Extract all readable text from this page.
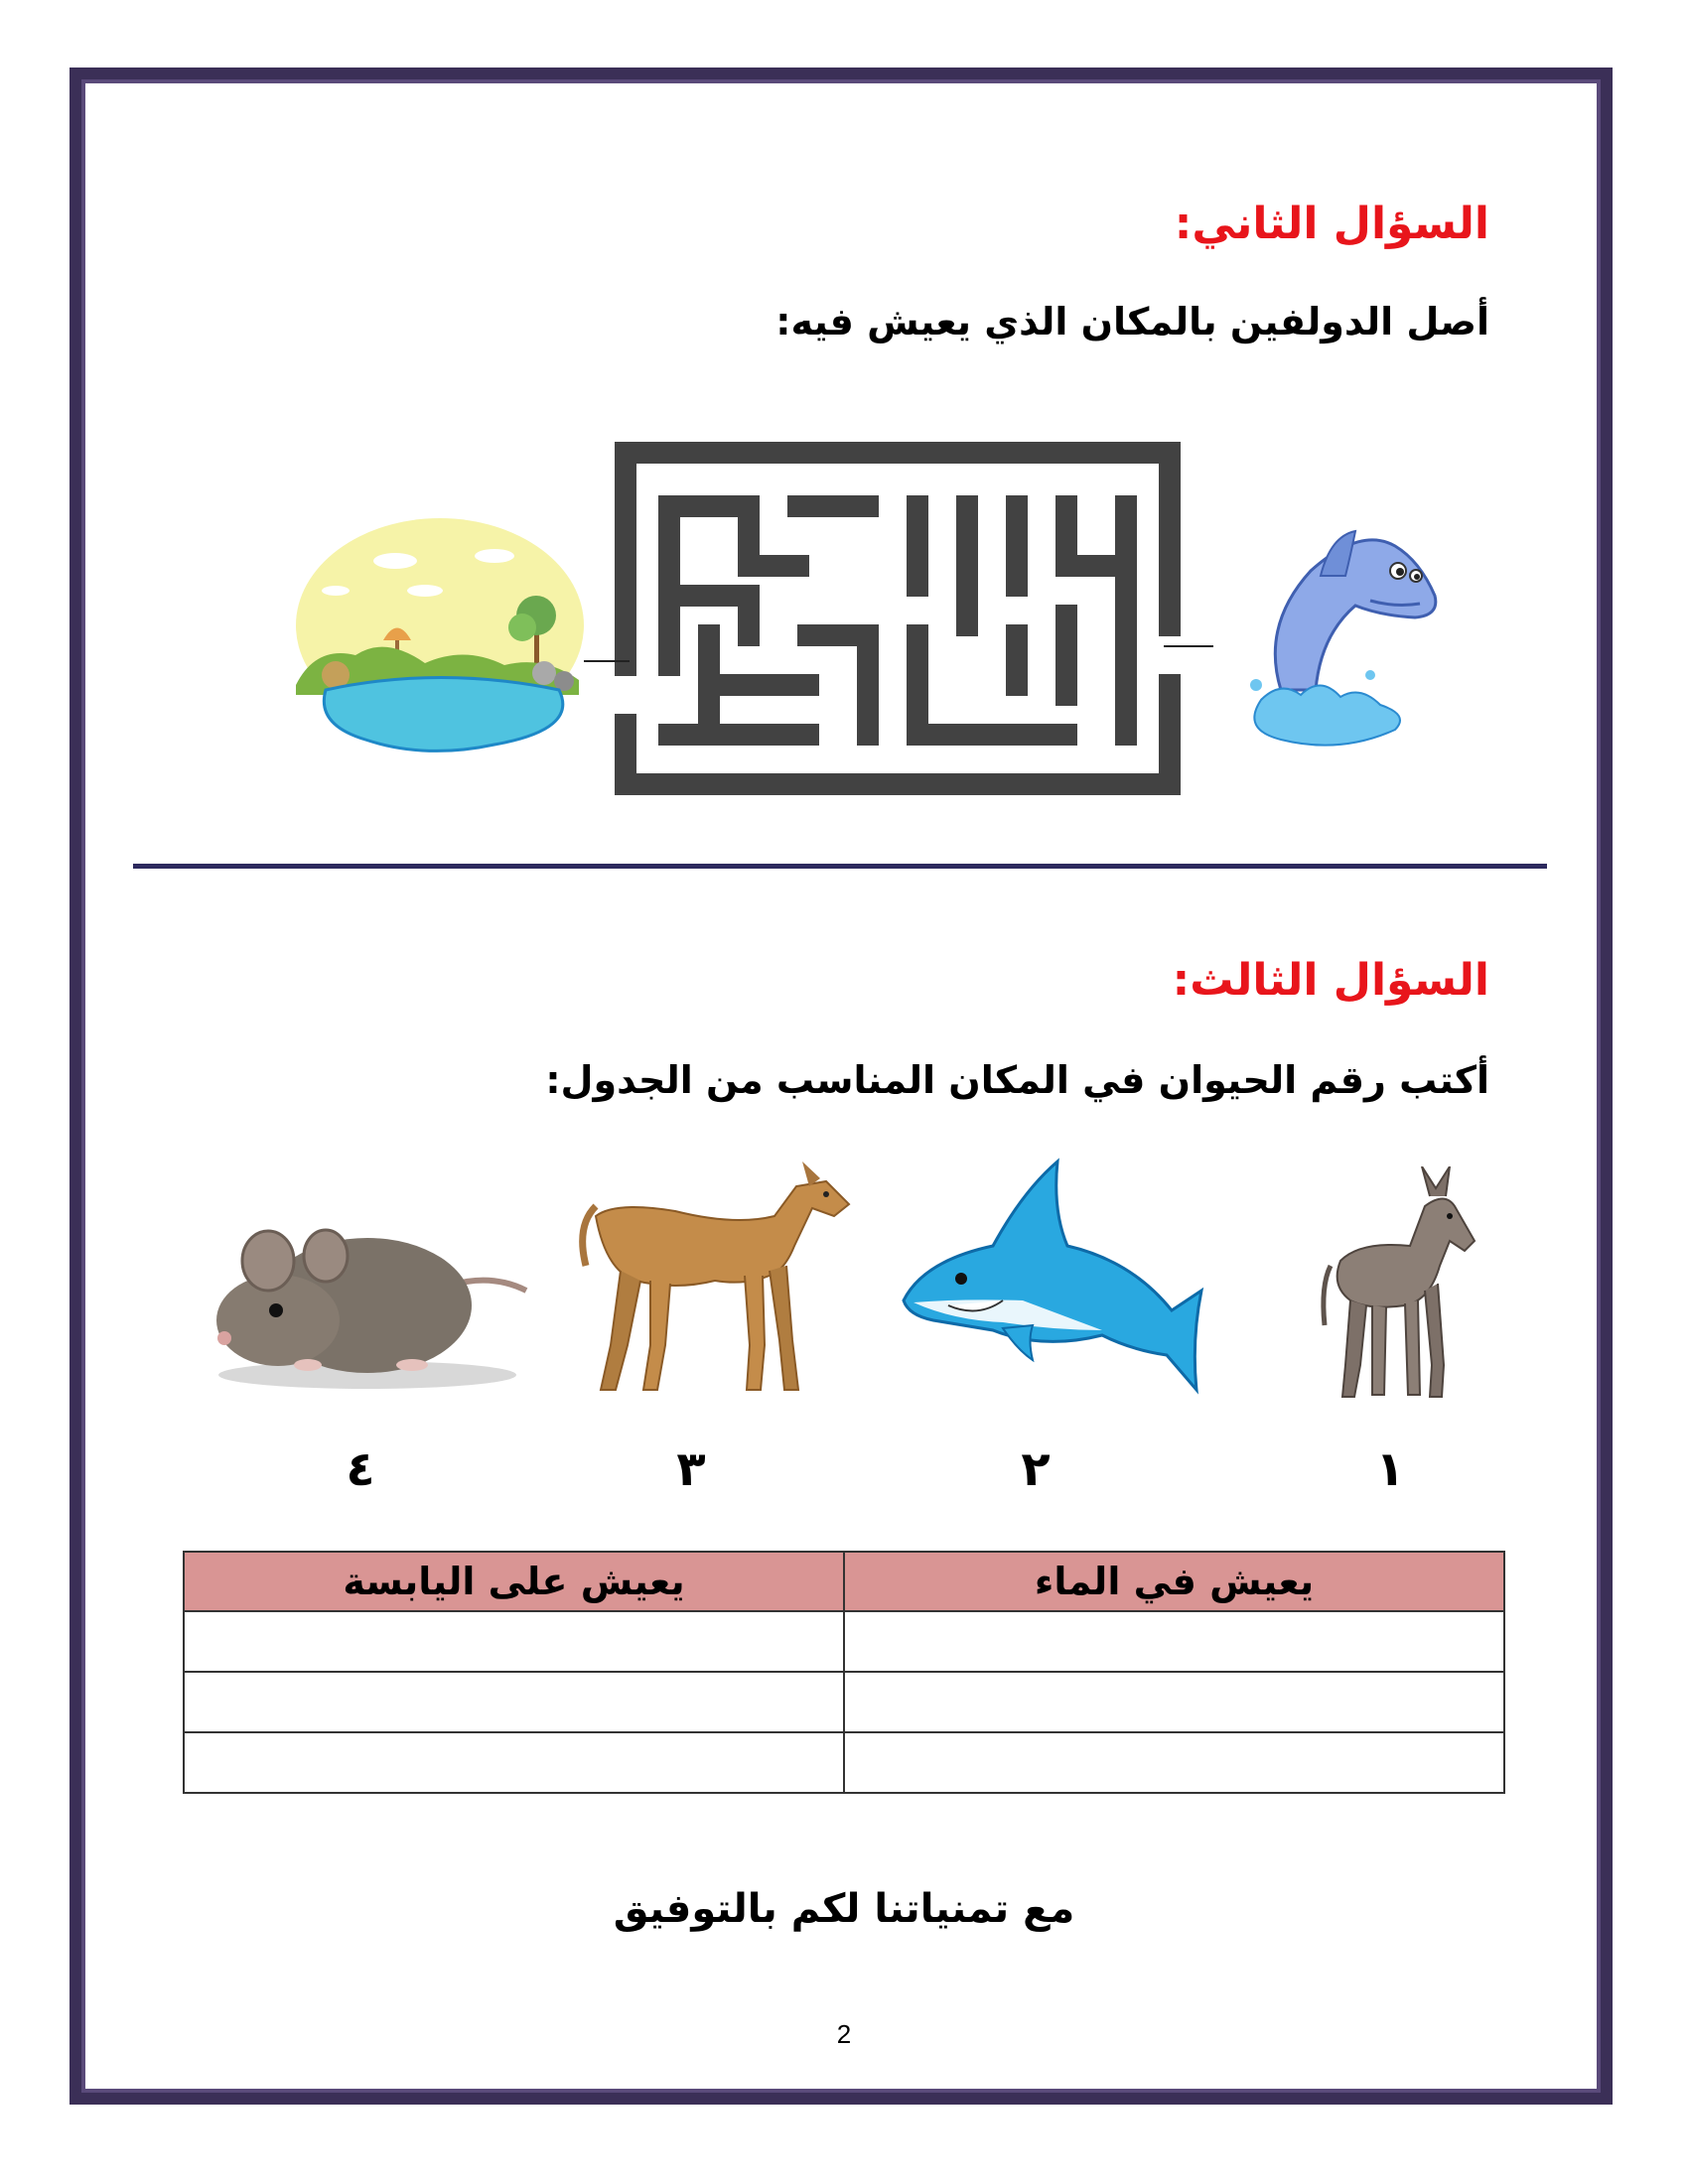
السؤال الثاني:
أصل الدولفين بالمكان الذي يعيش فيه:
السؤال الثالث:
أكتب رقم الحيوان في المكان المناسب من الجدول:
١
٢
٣
٤
يعيش في الماء	يعيش على اليابسة

مع تمنياتنا لكم بالتوفيق
2
